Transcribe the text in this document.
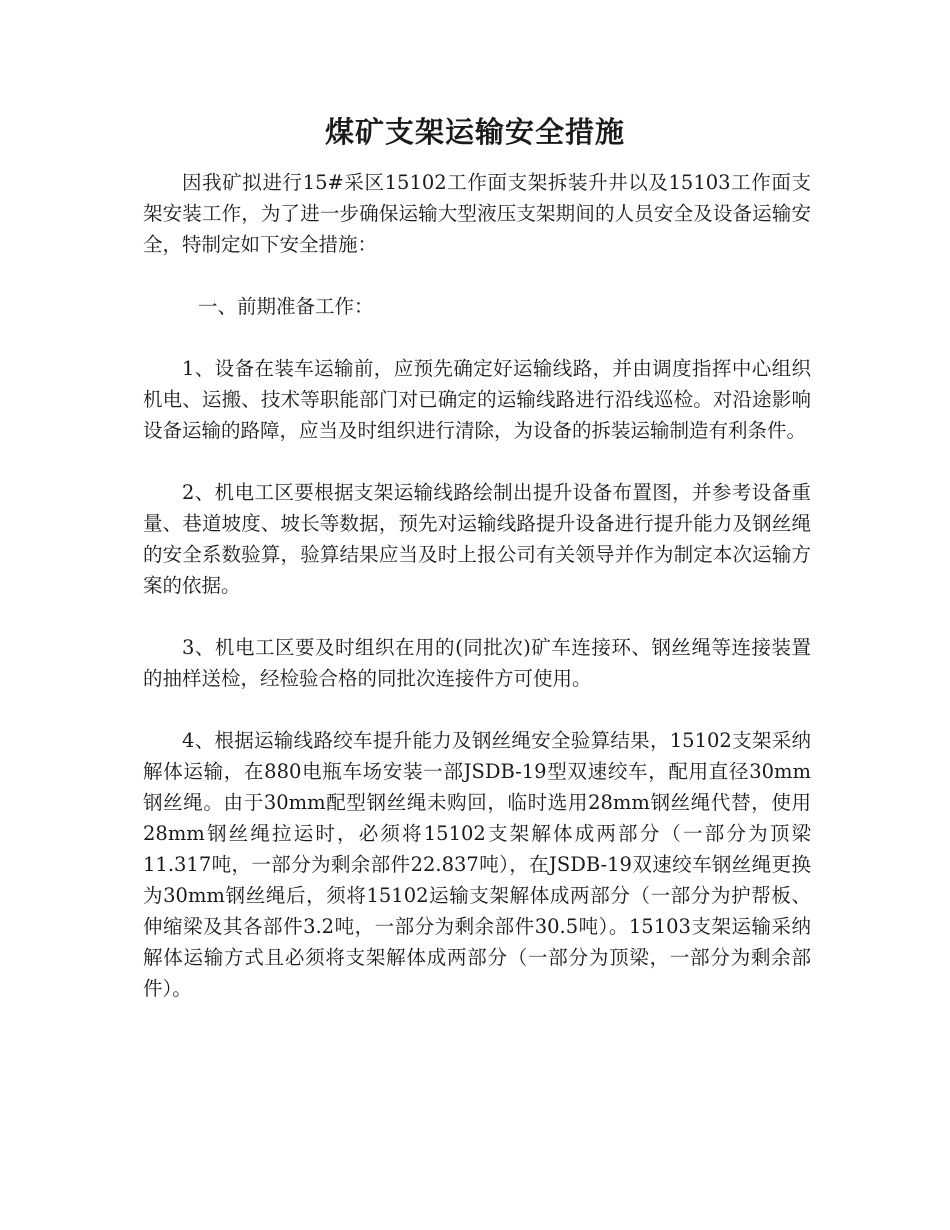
煤矿支架运输安全措施

因我矿拟进行15#采区15102工作面支架拆装升井以及15103工作面支架安装工作，为了进一步确保运输大型液压支架期间的人员安全及设备运输安全，特制定如下安全措施：

一、前期准备工作：

1、设备在装车运输前，应预先确定好运输线路，并由调度指挥中心组织机电、运搬、技术等职能部门对已确定的运输线路进行沿线巡检。对沿途影响设备运输的路障，应当及时组织进行清除，为设备的拆装运输制造有利条件。

2、机电工区要根据支架运输线路绘制出提升设备布置图，并参考设备重量、巷道坡度、坡长等数据，预先对运输线路提升设备进行提升能力及钢丝绳的安全系数验算，验算结果应当及时上报公司有关领导并作为制定本次运输方案的依据。

3、机电工区要及时组织在用的(同批次)矿车连接环、钢丝绳等连接装置的抽样送检，经检验合格的同批次连接件方可使用。

4、根据运输线路绞车提升能力及钢丝绳安全验算结果，15102支架采纳解体运输，在880电瓶车场安装一部JSDB-19型双速绞车，配用直径30mm钢丝绳。由于30mm配型钢丝绳未购回，临时选用28mm钢丝绳代替，使用28mm钢丝绳拉运时，必须将15102支架解体成两部分（一部分为顶梁11.317吨，一部分为剩余部件22.837吨），在JSDB-19双速绞车钢丝绳更换为30mm钢丝绳后，须将15102运输支架解体成两部分（一部分为护帮板、伸缩梁及其各部件3.2吨，一部分为剩余部件30.5吨）。15103支架运输采纳解体运输方式且必须将支架解体成两部分（一部分为顶梁，一部分为剩余部件）。
